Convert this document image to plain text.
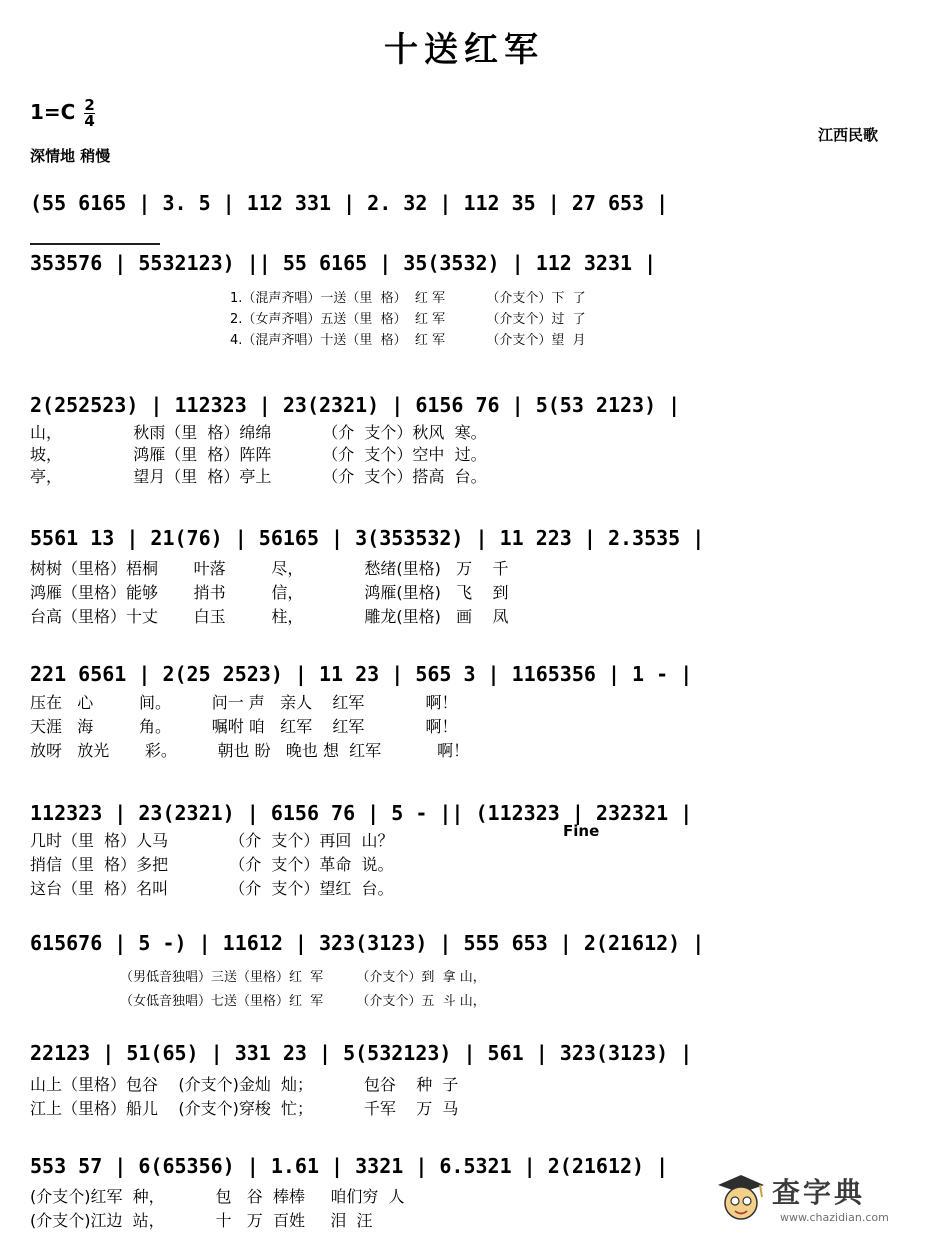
十送红军
$1=C \frac{2}{4}$
深情地 稍慢
江西民歌
(55 6165 | 3. 5 | 112 331 | 2. 32 | 112 35 | 27 653 |
353576 | 5532123) || 55 6165 | 35(3532) | 112 3231 |
1.（混声齐唱）一送（里  格）  红 军          （介支个）下  了
2.（女声齐唱）五送（里  格）  红 军          （介支个）过  了
4.（混声齐唱）十送（里  格）  红 军          （介支个）望  月
2(252523) | 112323 | 23(2321) | 6156 76 | 5(53 2123) |
山，              秋雨（里  格）绵绵          （介  支个）秋风  寒。
坡，              鸿雁（里  格）阵阵          （介  支个）空中  过。
亭，              望月（里  格）亭上          （介  支个）搭高  台。
5561 13 | 21(76) | 56165 | 3(353532) | 11 223 | 2.3535 |
树树（里格）梧桐       叶落         尽，            愁绪(里格)   万    千
鸿雁（里格）能够       捎书         信，            鸿雁(里格)   飞    到
台高（里格）十丈       白玉         柱，            雕龙(里格)   画    凤
221 6561 | 2(25 2523) | 11 23 | 565 3 | 1165356 | 1 - |
压在   心         间。        问一 声   亲人    红军            啊！
天涯   海         角。        嘱咐 咱   红军    红军            啊！
放呀   放光       彩。        朝也 盼   晚也 想  红军           啊！
112323 | 23(2321) | 6156 76 | 5 - || (112323 | 232321 |
Fine
几时（里  格）人马            （介  支个）再回  山？
捎信（里  格）多把            （介  支个）革命  说。
这台（里  格）名叫            （介  支个）望红  台。
615676 | 5 -) | 11612 | 323(3123) | 555 653 | 2(21612) |
（男低音独唱）三送（里格）红  军        （介支个）到  拿 山，
（女低音独唱）七送（里格）红  军        （介支个）五  斗 山，
22123 | 51(65) | 331 23 | 5(532123) | 561 | 323(3123) |
山上（里格）包谷    (介支个)金灿  灿；          包谷    种  子
江上（里格）船儿    (介支个)穿梭  忙；          千军    万  马
553 57 | 6(65356) | 1.61 | 3321 | 6.5321 | 2(21612) |
(介支个)红军  种，          包   谷  棒棒     咱们穷  人
(介支个)江边  站，          十   万  百姓     泪  汪
查字典
www.chazidian.com
